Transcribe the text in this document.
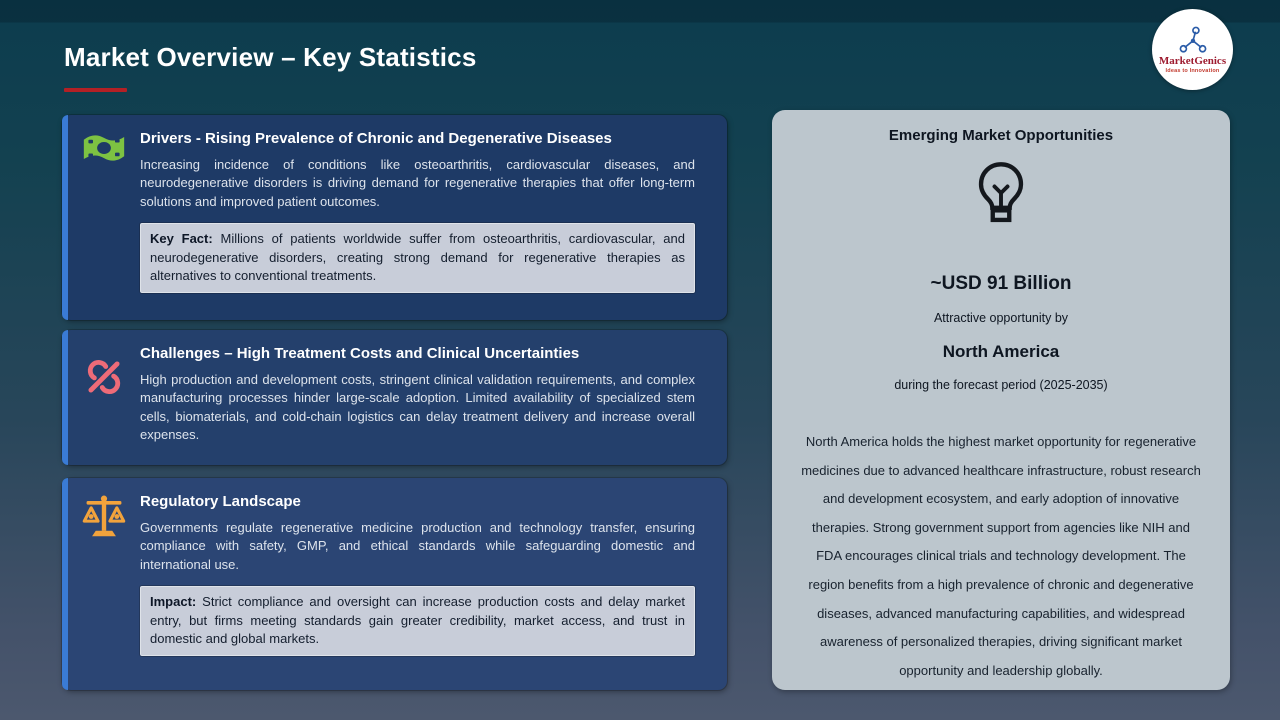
Market Overview – Key Statistics	MarketGenics
Ideas to Innovation
Drivers - Rising Prevalence of Chronic and Degenerative Diseases
Increasing incidence of conditions like osteoarthritis, cardiovascular diseases, and neurodegenerative disorders is driving demand for regenerative therapies that offer long-term solutions and improved patient outcomes.
Key Fact: Millions of patients worldwide suffer from osteoarthritis, cardiovascular, and neurodegenerative disorders, creating strong demand for regenerative therapies as alternatives to conventional treatments.
Challenges – High Treatment Costs and Clinical Uncertainties
High production and development costs, stringent clinical validation requirements, and complex manufacturing processes hinder large-scale adoption. Limited availability of specialized stem cells, biomaterials, and cold-chain logistics can delay treatment delivery and increase overall expenses.
Regulatory Landscape
Governments regulate regenerative medicine production and technology transfer, ensuring compliance with safety, GMP, and ethical standards while safeguarding domestic and international use.
Impact: Strict compliance and oversight can increase production costs and delay market entry, but firms meeting standards gain greater credibility, market access, and trust in domestic and global markets.
Emerging Market Opportunities
~USD 91 Billion
Attractive opportunity by
North America
during the forecast period (2025-2035)
North America holds the highest market opportunity for regenerative medicines due to advanced healthcare infrastructure, robust research and development ecosystem, and early adoption of innovative therapies. Strong government support from agencies like NIH and FDA encourages clinical trials and technology development. The region benefits from a high prevalence of chronic and degenerative diseases, advanced manufacturing capabilities, and widespread awareness of personalized therapies, driving significant market opportunity and leadership globally.
